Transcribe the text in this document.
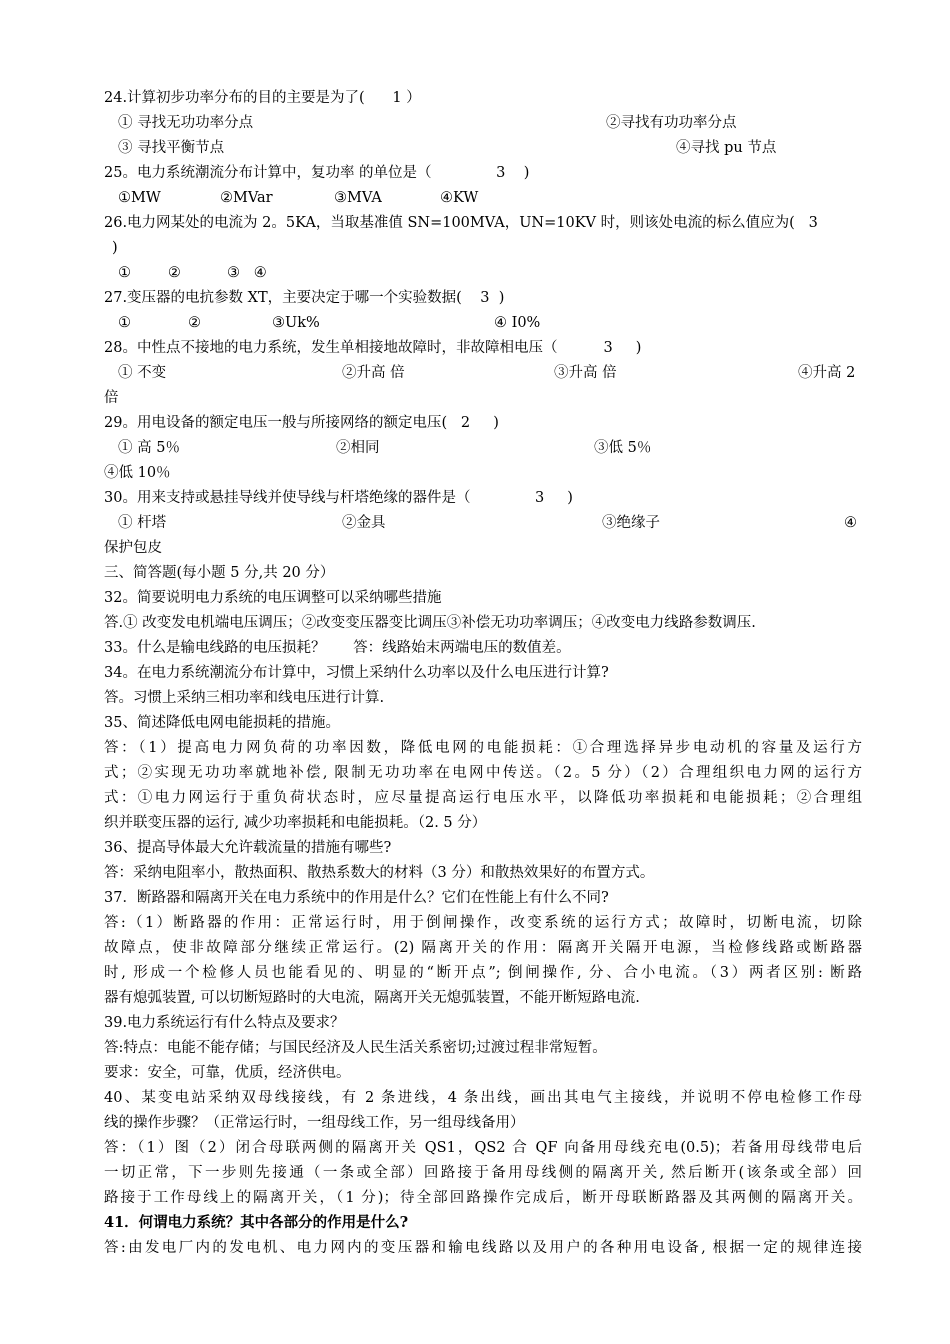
24.计算初步功率分布的目的主要是为了(      1 ）
① 寻找无功功率分点	②寻找有功功率分点
③ 寻找平衡节点	④寻找 pu 节点
25。电力系统潮流分布计算中，复功率 的单位是（              3    )
①MW	②MVar	③MVA	④KW
26.电力网某处的电流为 2。5KA，当取基准值 SN=100MVA，UN=10KV 时，则该处电流的标么值应为(   3
)
①        ②          ③   ④
27.变压器的电抗参数 XT，主要决定于哪一个实验数据(    3  )
①	②	③Uk%	④ I0%
28。中性点不接地的电力系统，发生单相接地故障时，非故障相电压（          3     )
① 不变	②升高 倍	③升高 倍	④升高 2
倍
29。用电设备的额定电压一般与所接网络的额定电压(   2     )
① 高 5％	②相同	③低 5％
④低 10％
30。用来支持或悬挂导线并使导线与杆塔绝缘的器件是（              3     )
① 杆塔	②金具	③绝缘子	④
保护包皮
三、简答题(每小题 5 分,共 20 分）
32。简要说明电力系统的电压调整可以采纳哪些措施
答.① 改变发电机端电压调压；②改变变压器变比调压③补偿无功功率调压；④改变电力线路参数调压.
33。什么是输电线路的电压损耗？      答：线路始末两端电压的数值差。
34。在电力系统潮流分布计算中，习惯上采纳什么功率以及什么电压进行计算?
答。习惯上采纳三相功率和线电压进行计算.
35、简述降低电网电能损耗的措施。
答：（1）提高电力网负荷的功率因数，降低电网的电能损耗：①合理选择异步电动机的容量及运行方
式；②实现无功功率就地补偿, 限制无功功率在电网中传送。（2。5 分）（2）合理组织电力网的运行方
式：①电力网运行于重负荷状态时，应尽量提高运行电压水平，以降低功率损耗和电能损耗；②合理组
织并联变压器的运行, 减少功率损耗和电能损耗。（2. 5 分）
36、提高导体最大允许载流量的措施有哪些?
答：采纳电阻率小，散热面积、散热系数大的材料（3 分）和散热效果好的布置方式。
37．断路器和隔离开关在电力系统中的作用是什么？它们在性能上有什么不同?
答:（1）断路器的作用：正常运行时，用于倒闸操作，改变系统的运行方式；故障时，切断电流，切除
故障点，使非故障部分继续正常运行。(2) 隔离开关的作用：隔离开关隔开电源，当检修线路或断路器
时, 形成一个检修人员也能看见的、明显的“断开点”; 倒闸操作, 分、合小电流。（3）两者区别: 断路
器有熄弧装置, 可以切断短路时的大电流，隔离开关无熄弧装置，不能开断短路电流.
39.电力系统运行有什么特点及要求？
答:特点：电能不能存储；与国民经济及人民生活关系密切;过渡过程非常短暂。
要求：安全，可靠，优质，经济供电。
40、某变电站采纳双母线接线，有 2 条进线，4 条出线，画出其电气主接线，并说明不停电检修工作母
线的操作步骤？（正常运行时，一组母线工作，另一组母线备用）
答：（1）图（2）闭合母联两侧的隔离开关 QS1，QS2 合 QF 向备用母线充电(0.5)；若备用母线带电后
一切正常，下一步则先接通（一条或全部）回路接于备用母线侧的隔离开关, 然后断开(该条或全部）回
路接于工作母线上的隔离开关，（1 分)；待全部回路操作完成后，断开母联断路器及其两侧的隔离开关。
41．何谓电力系统？其中各部分的作用是什么?
答:由发电厂内的发电机、电力网内的变压器和输电线路以及用户的各种用电设备, 根据一定的规律连接
